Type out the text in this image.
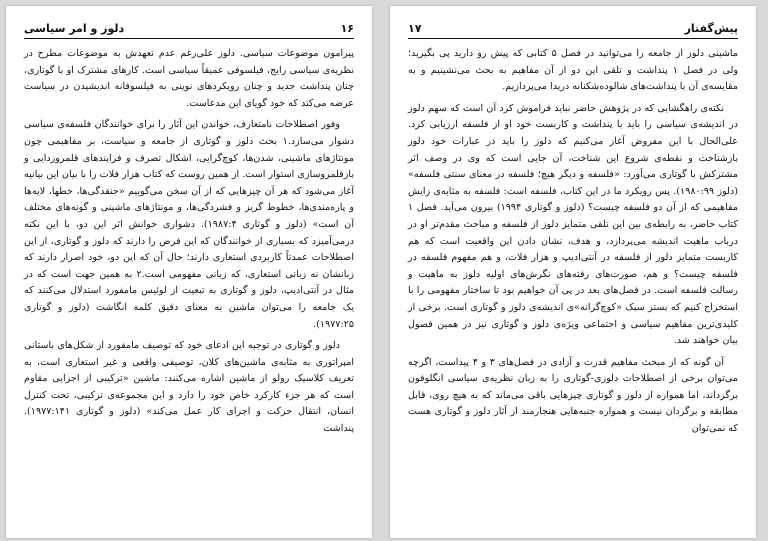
دلوز و امر سیاسی	۱۶

پیرامون موضوعات سیاسی. دلوز علی‌رغم عدم تعهدش به موضوعات مطرح در نظریه‌ی سیاسی رایج، فیلسوفی عمیقاً سیاسی است. کارهای مشترک او با گوتاری، چنان پنداشت جدید و چنان رویکردهای نوینی به فیلسوفانه اندیشیدن در سیاست عرضه می‌کند که خود گویای این مدعاست.

وفور اصطلاحات نامتعارف، خواندن این آثار را برای خوانندگان فلسفه‌ی سیاسی دشوار می‌سازد.۱ بحث دلوز و گوتاری از جامعه و سیاست، بر مفاهیمی چون مونتاژهای ماشینی، شدن‌ها، کوچ‌گرایی، اشکال تصرف و فرایندهای قلمروزدایی و بازقلمروسازی استوار است. از همین روست که کتاب هزار فلات را با بیان این بیانیه آغاز می‌شود که هر آن چیزهایی که از آن سخن می‌گوییم «جنقدگی‌ها، خطها، لایه‌ها و پاره‌مندی‌ها، خطوط گریز و فشردگی‌ها، و مونتاژهای ماشینی و گونه‌های مختلف آن است» (دلوز و گوتاری ۱۹۸۷:۴). دشواری خوانش اثر این دو، با این نکته درمی‌آمیزد که بسیاری از خوانندگان که این فرض را دارند که دلوز و گوتاری، از این اصطلاحات عمدتاً کاربردی استعاری دارند؛ حال آن که این دو، خود اصرار دارند که زبانشان نه زبانی استعاری، که زبانی مفهومی است.۲ به همین جهت است که در مثال در آنتی‌ادیپ، دلوز و گوتاری به تبعیت از لوئیس مامفورد استدلال می‌کنند که یک جامعه را می‌توان ماشین به معنای دقیق کلمه انگاشت (دلوز و گوتاری ۱۹۷۷:۲۵).

دلوز و گوتاری در توجیه این ادعای خود که توصیف مامفورد از شکل‌های باستانی امپراتوری به مثابه‌ی ماشین‌های کلان، توصیفی واقعی و غیر استعاری است، به تعریف کلاسیک رولو از ماشین اشاره می‌کنند: ماشین «ترکیبی از اجزایی مقاوم است که هر جزء کارکرد خاص خود را دارد و این مجموعه‌ی ترکیبی، تحت کنترل انسان، انتقال حرکت و اجرای کار عمل می‌کند» (دلوز و گوتاری ۱۹۷۷:۱۴۱). پنداشت

۱۷	پیش‌گفتار

ماشینی دلوز از جامعه را می‌توانید در فصل ۵ کتابی که پیش رو دارید پی بگیرید؛ ولی در فصل ۱ پنداشت و تلقی این دو از آن مفاهیم به بحث می‌نشینیم و به مقایسه‌ی آن با پنداشت‌های شالوده‌شکنانه دریدا می‌پردازیم.

نکته‌ی راهگشایی که در پژوهش حاضر نباید فراموش کرد آن است که سهم دلوز در اندیشه‌ی سیاسی را باید با پنداشت و کاربست خود او از فلسفه ارزیابی کرد. علی‌الحال با این مفروض آغاز می‌کنیم که دلوز را باید در عبارات خود دلوز بازشناخت و نقطه‌ی شروع این شناخت، آن جایی است که وی در وصف اثر مشترکش با گوتاری می‌آورد: «فلسفه و دیگر هیچ؛ فلسفه در معنای سنتی فلسفه» (دلوز ۱۹۸۰:۹۹). پس رویکرد ما در این کتاب، فلسفه است: فلسفه به مثابه‌ی زایش مفاهیمی که از آن دو فلسفه چیست؟ (دلوز و گوتاری ۱۹۹۴) بیرون می‌آید. فصل ۱ کتاب حاضر، به رابطه‌ی بین این تلقی متمایز دلوز از فلسفه و مباحث مقدم‌تر او در درباب ماهیت اندیشه می‌پردازد، و هدف، نشان دادن این واقعیت است که هم کاربست متمایز دلوز از فلسفه در آنتی‌ادیپ و هزار فلات، و هم مفهوم فلسفه در فلسفه چیست؟ و هم، صورت‌های رفته‌های نگرش‌های اولیه دلوز به ماهیت و رسالت فلسفه است. در فصل‌های بعد در پی آن خواهیم بود تا ساختار مفهومی را با استخراج کنیم که بستر سبک «کوچ‌گرانه»‌ی اندیشه‌ی دلوز و گوتاری است. برخی از کلیدی‌ترین مفاهیم سیاسی و اجتماعی ویژه‌ی دلوز و گوتاری نیز در همین فصول بیان خواهند شد.

آن گونه که از مبحث مفاهیم قدرت و آزادی در فصل‌های ۳ و ۴ پیداست، اگرچه می‌توان برخی از اصطلاحات دلوزی-گوتاری را به زبان نظریه‌ی سیاسی انگلوفون برگرداند، اما همواره از دلوز و گوتاری چیزهایی باقی می‌ماند که به هیچ روی، قابل مطابقه و برگردان نیست و همواره جنبه‌هایی هنجارمند از آثار دلوز و گوتاری هست که نمی‌توان
